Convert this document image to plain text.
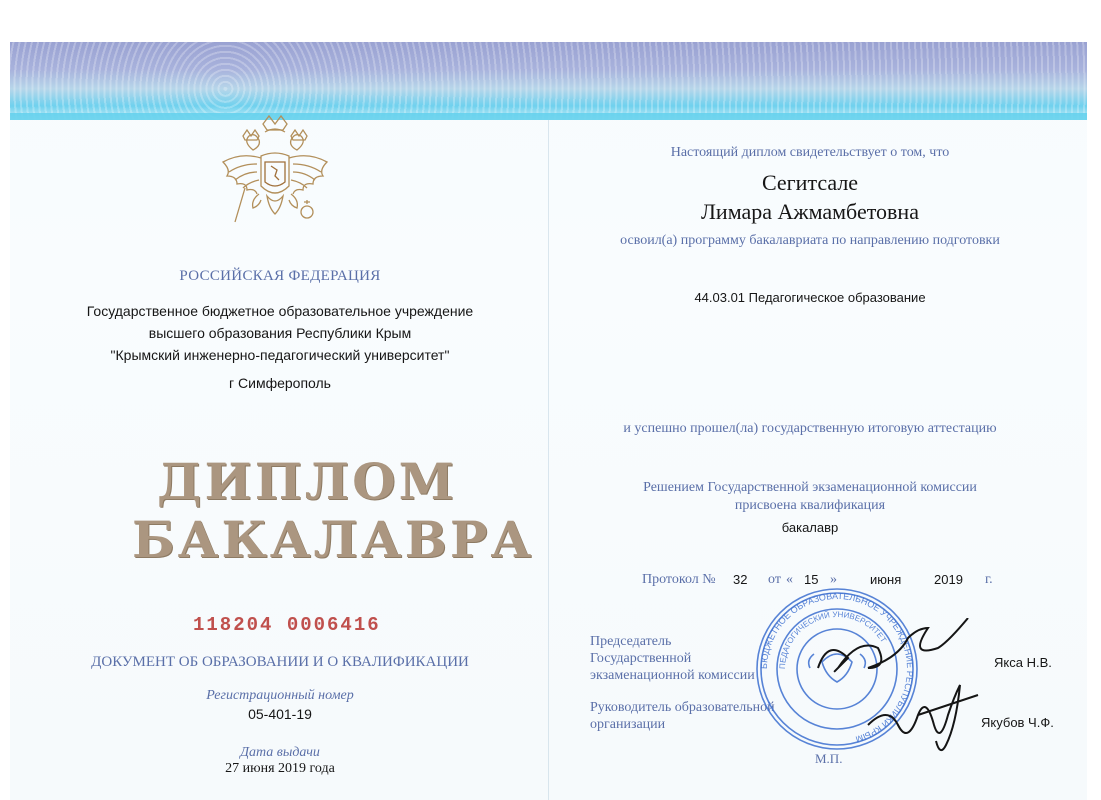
РОССИЙСКАЯ ФЕДЕРАЦИЯ
Государственное бюджетное образовательное учреждение
высшего образования Республики Крым
"Крымский инженерно-педагогический университет"
г Симферополь
ДИПЛОМ
БАКАЛАВРА
118204 0006416
ДОКУМЕНТ ОБ ОБРАЗОВАНИИ И О КВАЛИФИКАЦИИ
Регистрационный номер
05-401-19
Дата выдачи
27 июня 2019 года
Настоящий диплом свидетельствует о том, что
Сегитсале
Лимара Ажмамбетовна
освоил(а) программу бакалавриата по направлению подготовки
44.03.01 Педагогическое образование
и успешно прошел(ла) государственную итоговую аттестацию
Решением Государственной экзаменационной комиссии
присвоена квалификация
бакалавр
Протокол № 32 от « 15 »	июня	2019 г.
Председатель
Государственной
экзаменационной комиссии
Якса Н.В.
Руководитель образовательной
организации	Якубов Ч.Ф.
М.П.
БЮДЖЕТНОЕ ОБРАЗОВАТЕЛЬНОЕ УЧРЕЖДЕНИЕ РЕСПУБЛИКИ КРЫМ
ПЕДАГОГИЧЕСКИЙ УНИВЕРСИТЕТ
